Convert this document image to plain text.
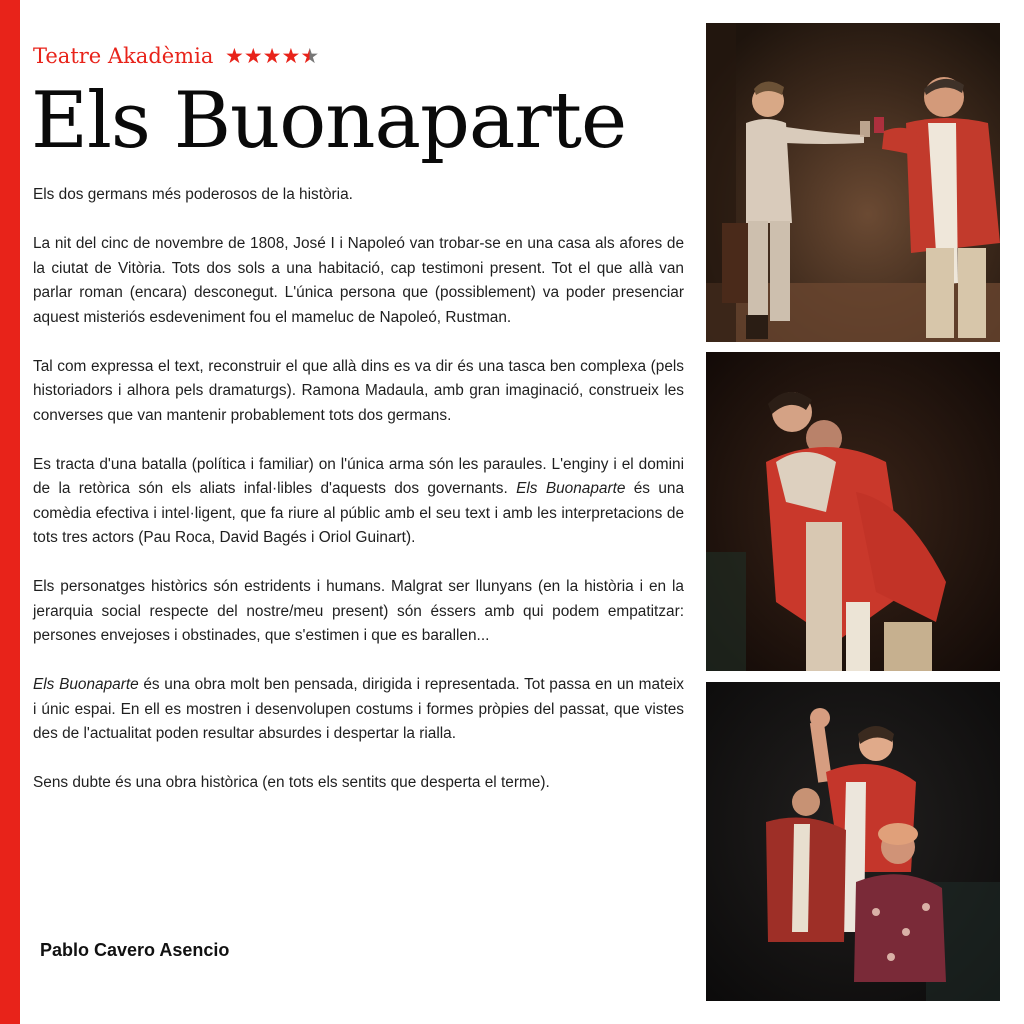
Teatre Akadèmia ★★★★★
Els Buonaparte

Els dos germans més poderosos de la història.

La nit del cinc de novembre de 1808, José I i Napoleó van trobar-se en una casa als afores de la ciutat de Vitòria. Tots dos sols a una habitació, cap testimoni present. Tot el que allà van parlar roman (encara) desconegut. L'única persona que (possiblement) va poder presenciar aquest misteriós esdeveniment fou el mameluc de Napoleó, Rustman.

Tal com expressa el text, reconstruir el que allà dins es va dir és una tasca ben complexa (pels historiadors i alhora pels dramaturgs). Ramona Madaula, amb gran imaginació, construeix les converses que van mantenir probablement tots dos germans.

Es tracta d'una batalla (política i familiar) on l'única arma són les paraules. L'enginy i el domini de la retòrica són els aliats infal·libles d'aquests dos governants. Els Buonaparte és una comèdia efectiva i intel·ligent, que fa riure al públic amb el seu text i amb les interpretacions de tots tres actors (Pau Roca, David Bagés i Oriol Guinart).

Els personatges històrics són estridents i humans. Malgrat ser llunyans (en la història i en la jerarquia social respecte del nostre/meu present) són éssers amb qui podem empatitzar: persones envejoses i obstinades, que s'estimen i que es barallen...

Els Buonaparte és una obra molt ben pensada, dirigida i representada. Tot passa en un mateix i únic espai. En ell es mostren i desenvolupen costums i formes pròpies del passat, que vistes des de l'actualitat poden resultar absurdes i despertar la rialla.

Sens dubte és una obra històrica (en tots els sentits que desperta el terme).

Pablo Cavero Asencio
